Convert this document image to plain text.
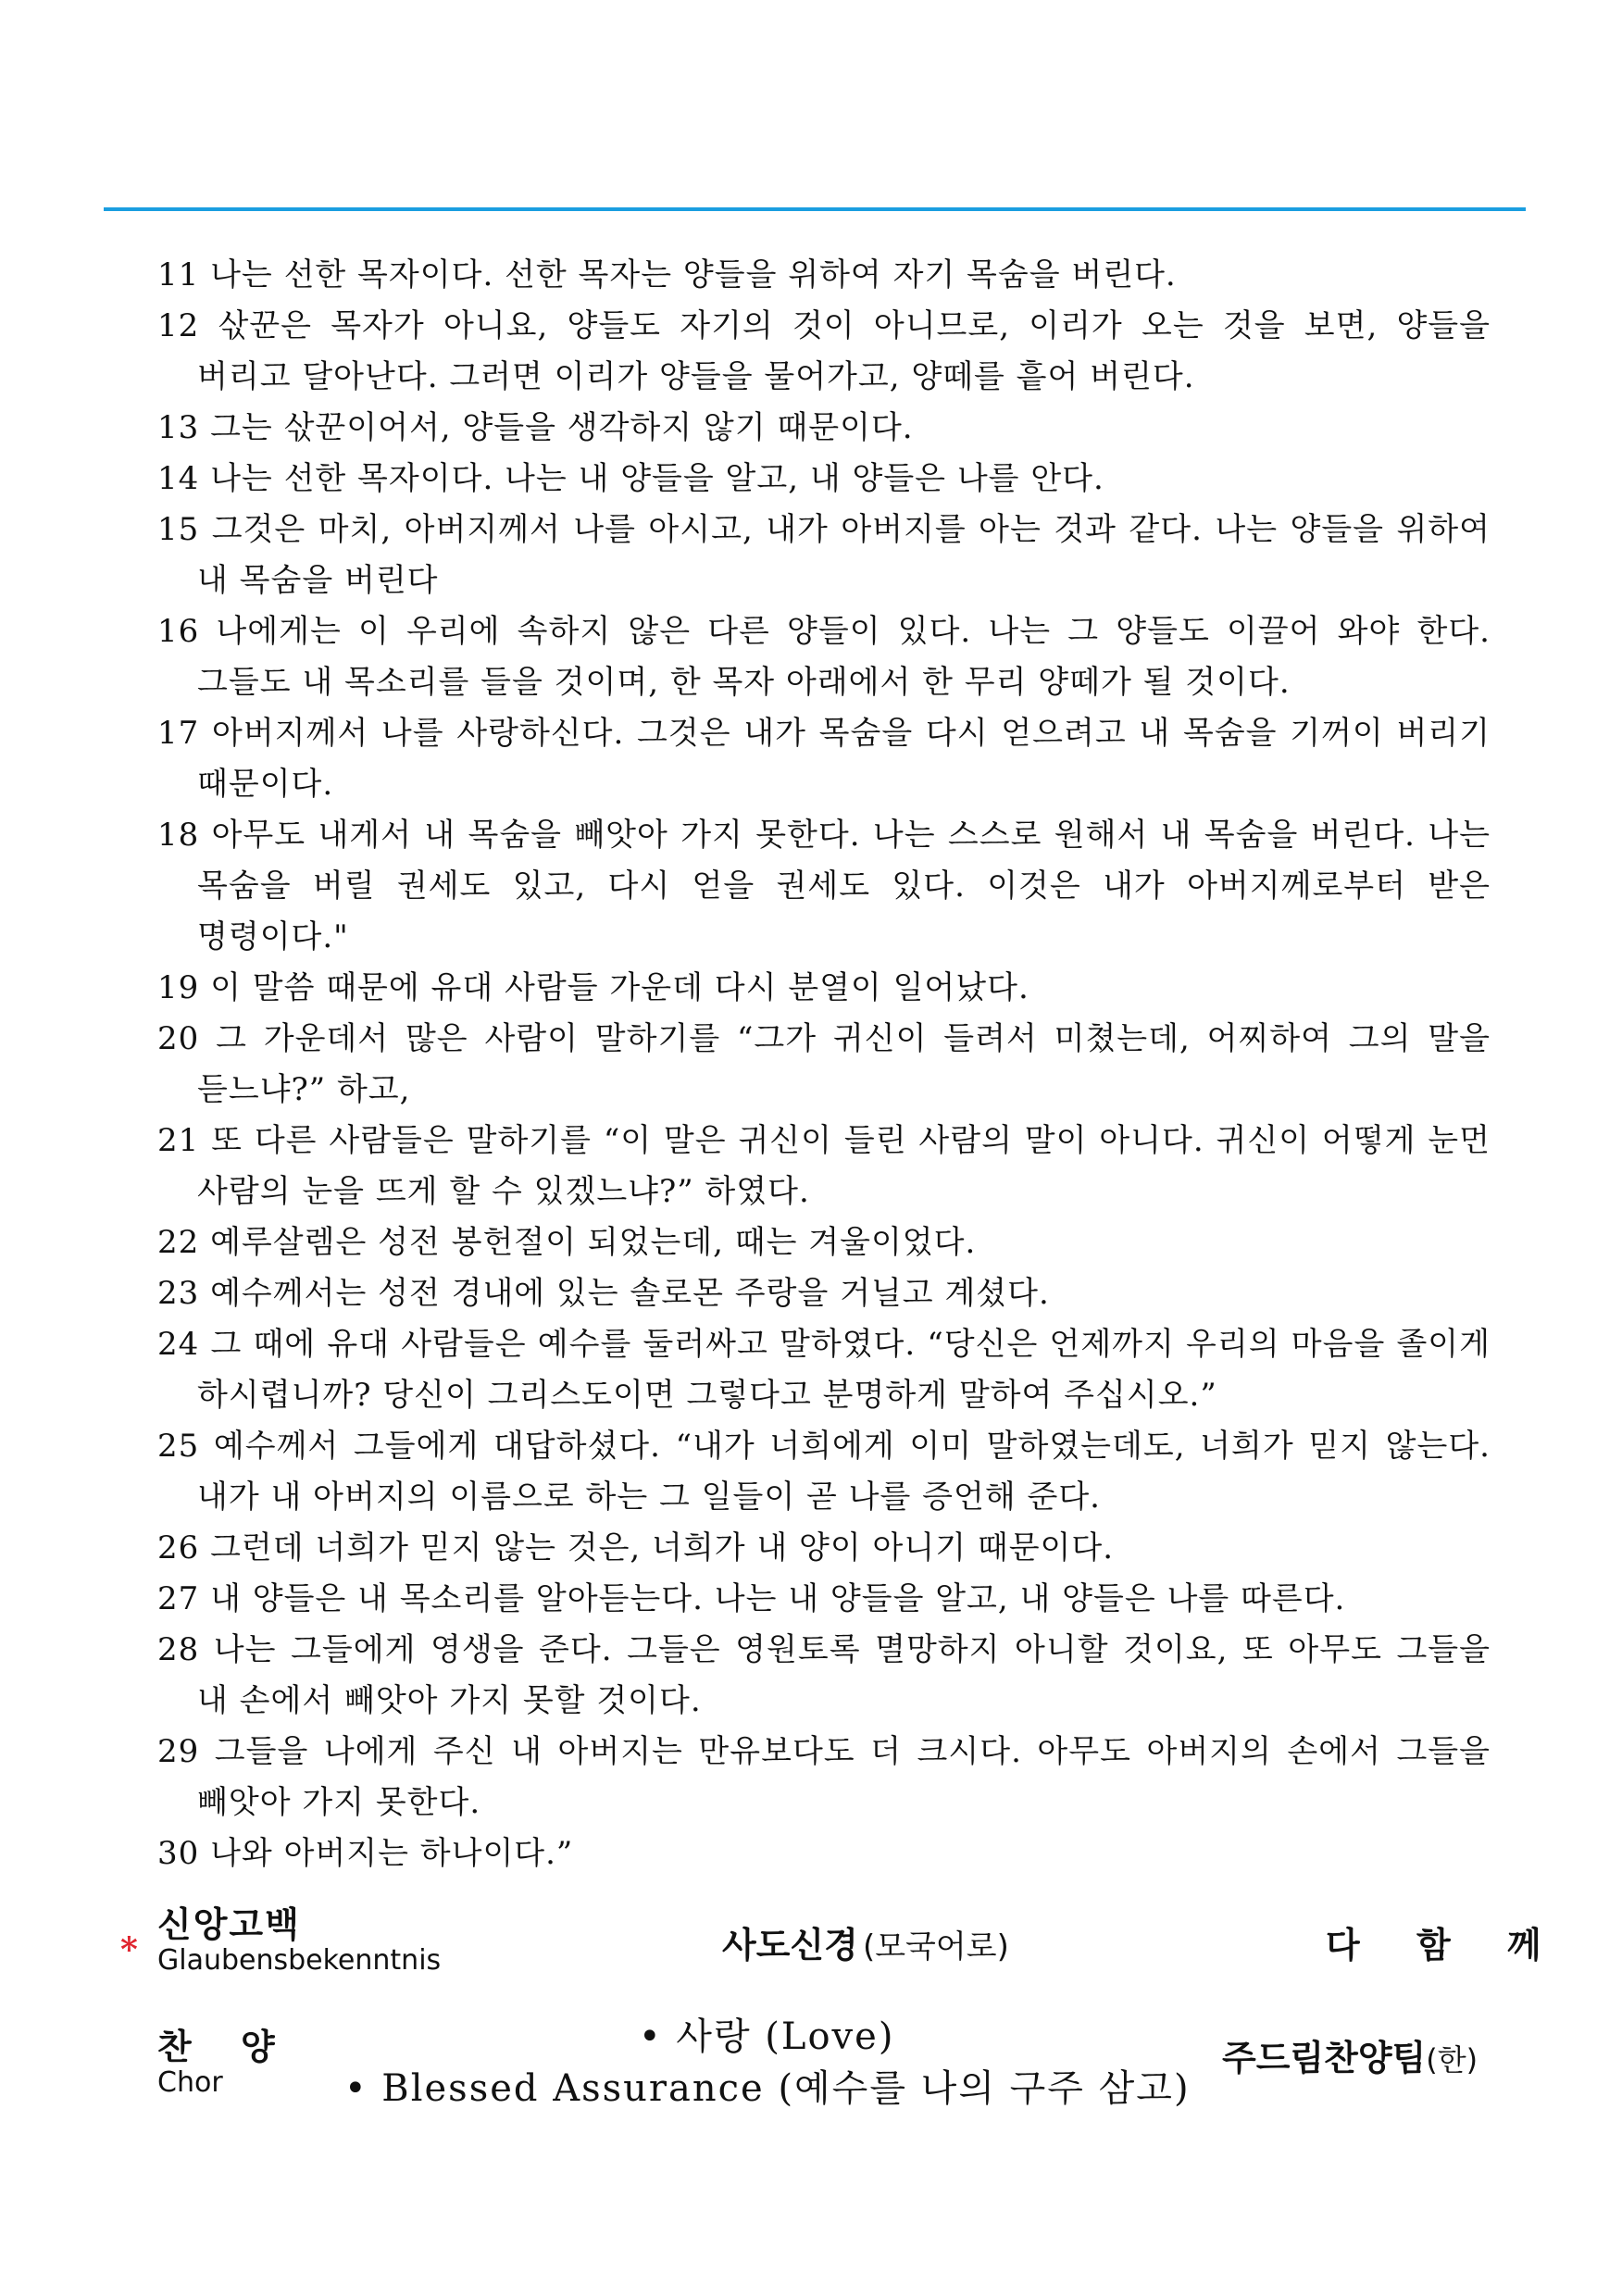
11 나는 선한 목자이다. 선한 목자는 양들을 위하여 자기 목숨을 버린다.
12 삯꾼은 목자가 아니요, 양들도 자기의 것이 아니므로, 이리가 오는 것을 보면, 양들을 버리고 달아난다. 그러면 이리가 양들을 물어가고, 양떼를 흩어 버린다.
13 그는 삯꾼이어서, 양들을 생각하지 않기 때문이다.
14 나는 선한 목자이다. 나는 내 양들을 알고, 내 양들은 나를 안다.
15 그것은 마치, 아버지께서 나를 아시고, 내가 아버지를 아는 것과 같다. 나는 양들을 위하여 내 목숨을 버린다
16 나에게는 이 우리에 속하지 않은 다른 양들이 있다. 나는 그 양들도 이끌어 와야 한다. 그들도 내 목소리를 들을 것이며, 한 목자 아래에서 한 무리 양떼가 될 것이다.
17 아버지께서 나를 사랑하신다. 그것은 내가 목숨을 다시 얻으려고 내 목숨을 기꺼이 버리기 때문이다.
18 아무도 내게서 내 목숨을 빼앗아 가지 못한다. 나는 스스로 원해서 내 목숨을 버린다. 나는 목숨을 버릴 권세도 있고, 다시 얻을 권세도 있다. 이것은 내가 아버지께로부터 받은 명령이다."
19 이 말씀 때문에 유대 사람들 가운데 다시 분열이 일어났다.
20 그 가운데서 많은 사람이 말하기를 “그가 귀신이 들려서 미쳤는데, 어찌하여 그의 말을 듣느냐?” 하고,
21 또 다른 사람들은 말하기를 “이 말은 귀신이 들린 사람의 말이 아니다. 귀신이 어떻게 눈먼 사람의 눈을 뜨게 할 수 있겠느냐?” 하였다.
22 예루살렘은 성전 봉헌절이 되었는데, 때는 겨울이었다.
23 예수께서는 성전 경내에 있는 솔로몬 주랑을 거닐고 계셨다.
24 그 때에 유대 사람들은 예수를 둘러싸고 말하였다. “당신은 언제까지 우리의 마음을 졸이게 하시렵니까? 당신이 그리스도이면 그렇다고 분명하게 말하여 주십시오.”
25 예수께서 그들에게 대답하셨다. “내가 너희에게 이미 말하였는데도, 너희가 믿지 않는다. 내가 내 아버지의 이름으로 하는 그 일들이 곧 나를 증언해 준다.
26 그런데 너희가 믿지 않는 것은, 너희가 내 양이 아니기 때문이다.
27 내 양들은 내 목소리를 알아듣는다. 나는 내 양들을 알고, 내 양들은 나를 따른다.
28 나는 그들에게 영생을 준다. 그들은 영원토록 멸망하지 아니할 것이요, 또 아무도 그들을 내 손에서 빼앗아 가지 못할 것이다.
29 그들을 나에게 주신 내 아버지는 만유보다도 더 크시다. 아무도 아버지의 손에서 그들을 빼앗아 가지 못한다.
30 나와 아버지는 하나이다.”
*
신앙고백
Glaubensbekenntnis	사도신경 (모국어로)	다 함 께
찬 양
Chor
• 사랑 (Love)
• Blessed Assurance (예수를 나의 구주 삼고)
주드림찬양팀(한)
